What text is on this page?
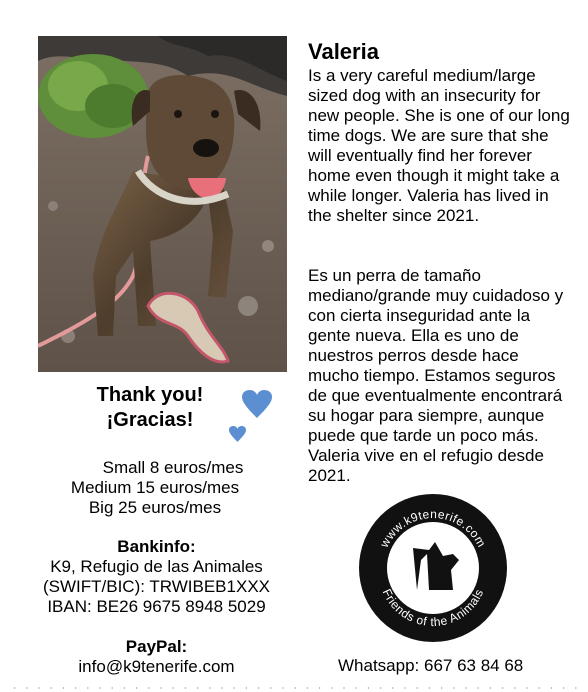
Thank you!
¡Gracias!
Small 8 euros/mes
Medium 15 euros/mes
Big 25 euros/mes
Bankinfo:
K9, Refugio de las Animales
(SWIFT/BIC): TRWIBEB1XXX
IBAN: BE26 9675 8948 5029
PayPal:
info@k9tenerife.com
Valeria
Is a very careful medium/large sized dog with an insecurity for new people. She is one of our long time dogs. We are sure that she will eventually find her forever home even though it might take a while longer. Valeria has lived in the shelter since 2021.
Es un perra de tamaño mediano/grande muy cuidadoso y con cierta inseguridad ante la gente nueva. Ella es uno de nuestros perros desde hace mucho tiempo. Estamos seguros de que eventualmente encontrará su hogar para siempre, aunque puede que tarde un poco más. Valeria vive en el refugio desde 2021.
www.k9tenerife.com
Friends of the Animals
K9
Whatsapp: 667 63 84 68
